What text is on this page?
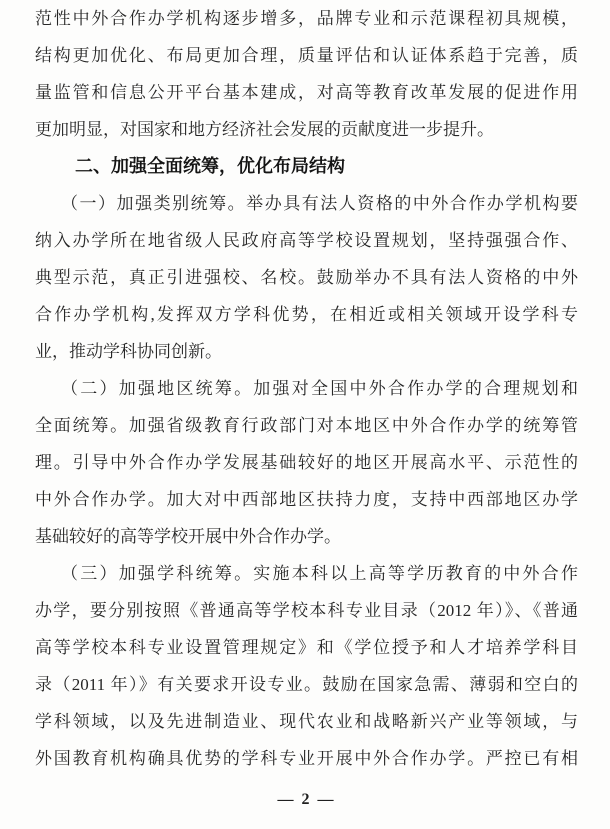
范性中外合作办学机构逐步增多，品牌专业和示范课程初具规模，
结构更加优化、布局更加合理，质量评估和认证体系趋于完善，质
量监管和信息公开平台基本建成，对高等教育改革发展的促进作用
更加明显，对国家和地方经济社会发展的贡献度进一步提升。
二、加强全面统筹，优化布局结构
（一）加强类别统筹。举办具有法人资格的中外合作办学机构要
纳入办学所在地省级人民政府高等学校设置规划，坚持强强合作、
典型示范，真正引进强校、名校。鼓励举办不具有法人资格的中外
合作办学机构,发挥双方学科优势，在相近或相关领域开设学科专
业，推动学科协同创新。
（二）加强地区统筹。加强对全国中外合作办学的合理规划和
全面统筹。加强省级教育行政部门对本地区中外合作办学的统筹管
理。引导中外合作办学发展基础较好的地区开展高水平、示范性的
中外合作办学。加大对中西部地区扶持力度，支持中西部地区办学
基础较好的高等学校开展中外合作办学。
（三）加强学科统筹。实施本科以上高等学历教育的中外合作
办学，要分别按照《普通高等学校本科专业目录（2012 年）》、《普通
高等学校本科专业设置管理规定》和《学位授予和人才培养学科目
录（2011 年）》有关要求开设专业。鼓励在国家急需、薄弱和空白的
学科领域，以及先进制造业、现代农业和战略新兴产业等领域，与
外国教育机构确具优势的学科专业开展中外合作办学。严控已有相
— 2 —
